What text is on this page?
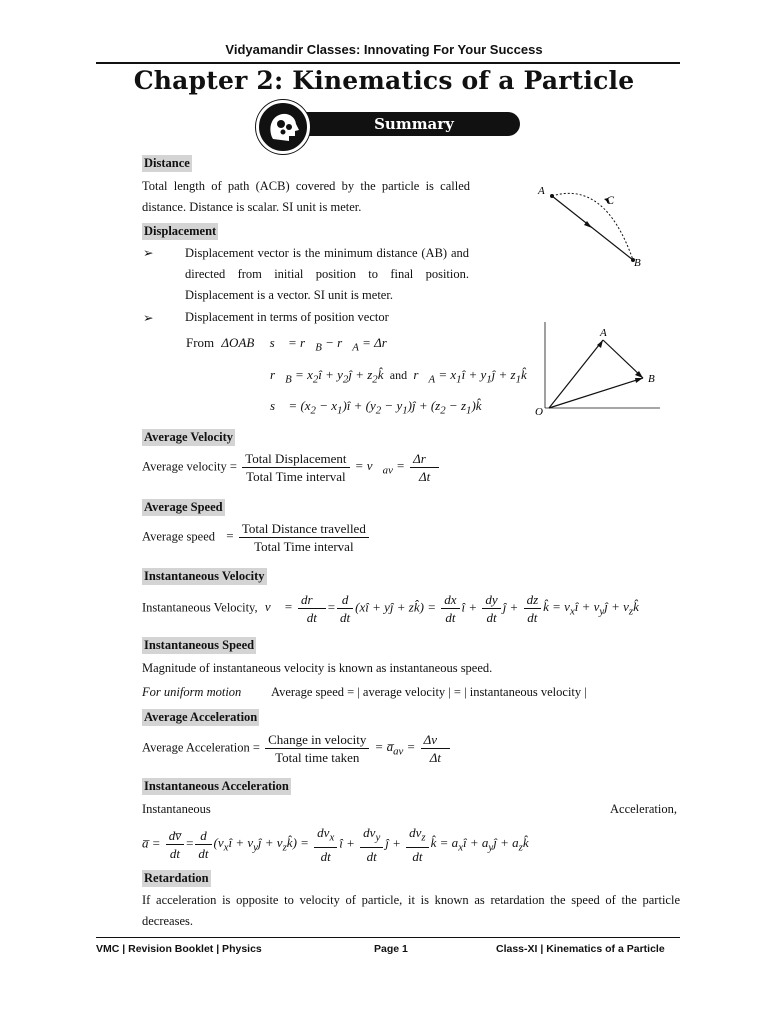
Vidyamandir Classes: Innovating For Your Success
Chapter 2: Kinematics of a Particle
Summary
Distance
Total length of path (ACB) covered by the particle is called distance. Distance is scalar. SI unit is meter.
A
C
B
Displacement
➢	Displacement vector is the minimum distance (AB) and directed from initial position to final position. Displacement is a vector. SI unit is meter.
➢	Displacement in terms of position vector
From ΔOAB s⃗ = $r⃗_B$ − $r⃗_A$ = Δr⃗
$r⃗_B$ = $x_2î$ + $y_2ĵ$ + $z_2k̂$ and $r⃗_A$ = $x_1î$ + $y_1ĵ$ + $z_1k̂$
s⃗ = ($x_2$ − $x_1)î + (y_2$ − $y_1)ĵ + (z_2$ − $z_1)k̂$	O
A
B
Average Velocity
Average velocity = $\frac{\text{Total Displacement}}{\text{Total Time interval}}$ = $v⃗_{av} = \frac{\Delta r⃗}{\Delta t}$
Average Speed
Average speed = $\frac{\text{Total Distance travelled}}{\text{Total Time interval}}$
Instantaneous Velocity
Instantaneous Velocity, v⃗ = $\frac{dr⃗}{dt} = \frac{d}{dt}$ (xî + yĵ + zk̂) = $\frac{dx}{dt}$ î + $\frac{dy}{dt}$ ĵ + $\frac{dz}{dt}$ k̂ = $v_xî$ + $v_yĵ$ + $v_zk̂$
Instantaneous Speed
Magnitude of instantaneous velocity is known as instantaneous speed.
For uniform motion Average speed = | average velocity | = | instantaneous velocity |
Average Acceleration
Average Acceleration = $\frac{\text{Change in velocity}}{\text{Total time taken}}$ = $a̅_{av} = \frac{\Delta v⃗}{\Delta t}$
Instantaneous Acceleration
Instantaneous	Acceleration,
a̅ = $\frac{dv̅}{dt} = \frac{d}{dt}$ ($v_xî$ + $v_yĵ$ + $v_zk̂) = \frac{dv_x}{dt}$ î + $\frac{dv_y}{dt}$ ĵ + $\frac{dv_z}{dt}$ k̂ = $a_xî$ + $a_yĵ$ + $a_zk̂$
Retardation
If acceleration is opposite to velocity of particle, it is known as retardation the speed of the particle decreases.
VMC | Revision Booklet | Physics	Page 1	Class-XI | Kinematics of a Particle
